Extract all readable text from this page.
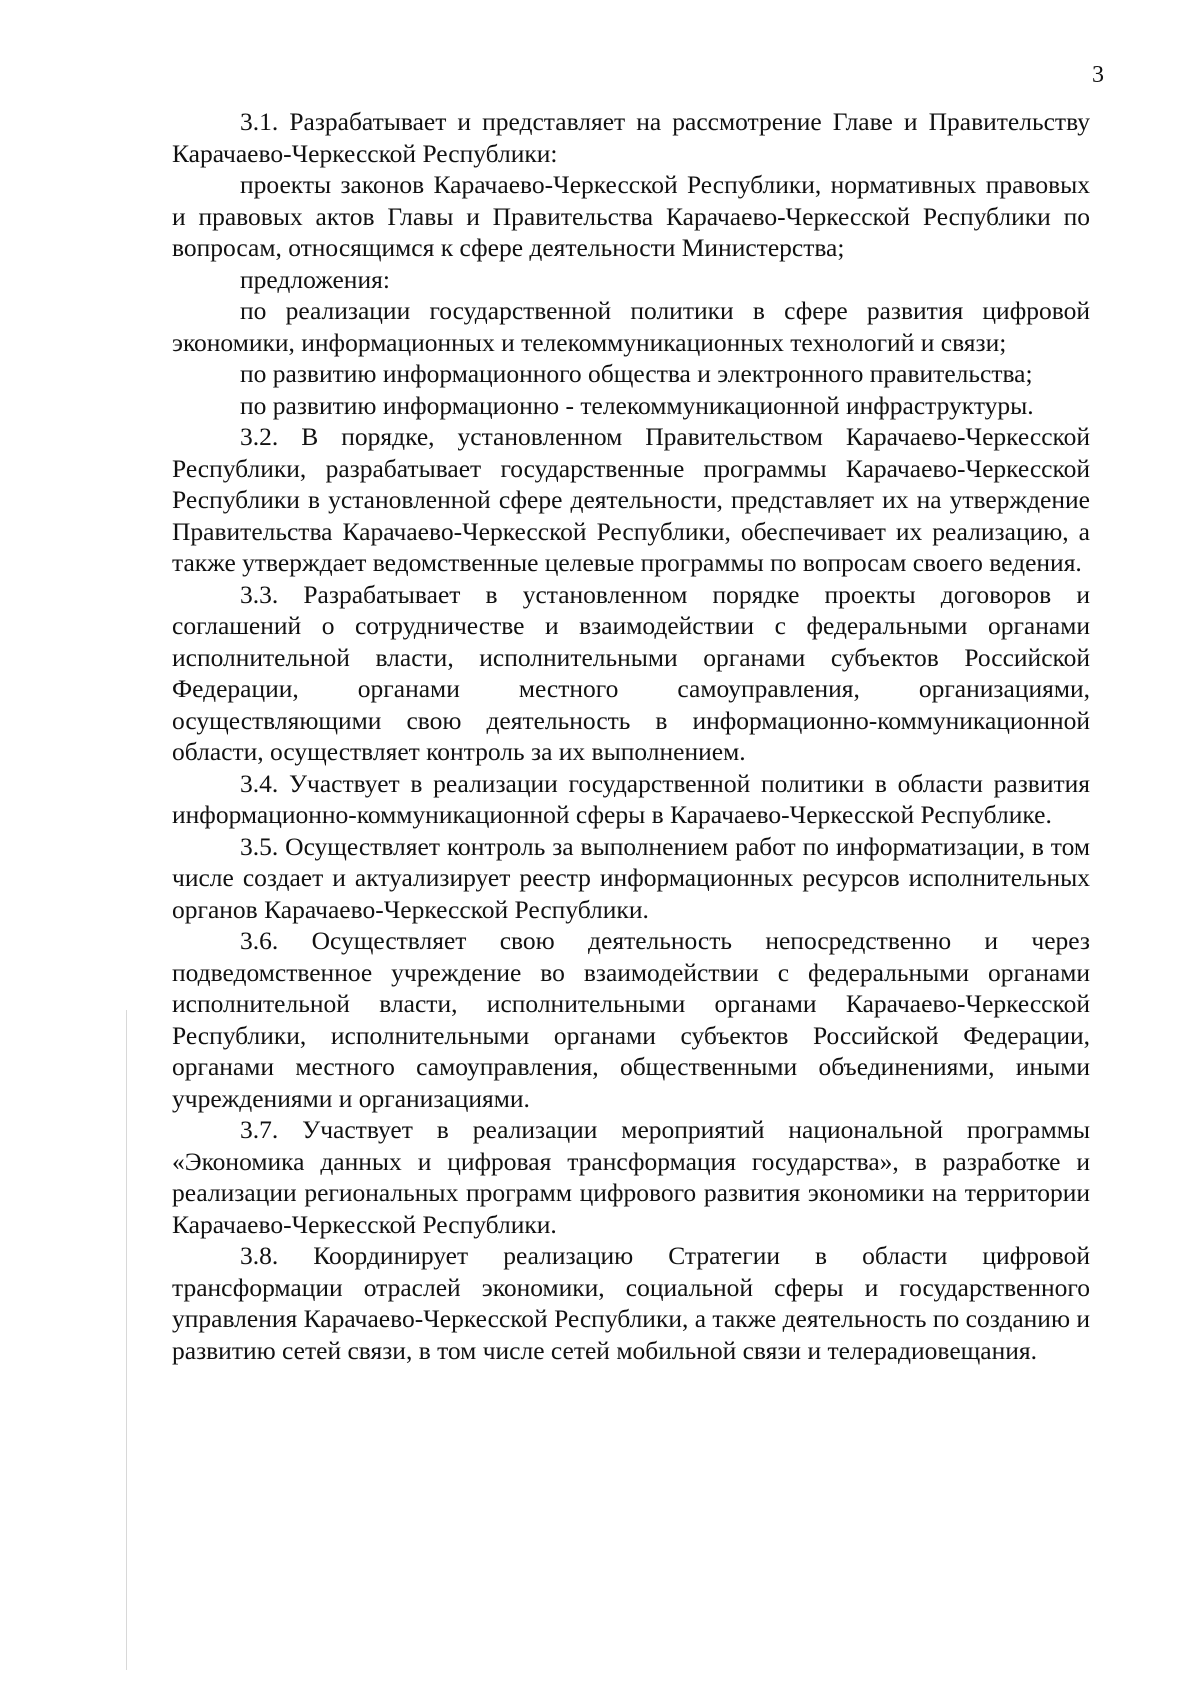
3

3.1. Разрабатывает и представляет на рассмотрение Главе и Правительству Карачаево-Черкесской Республики:

проекты законов Карачаево-Черкесской Республики, нормативных правовых и правовых актов Главы и Правительства Карачаево-Черкесской Республики по вопросам, относящимся к сфере деятельности Министерства;

предложения:

по реализации государственной политики в сфере развития цифровой экономики, информационных и телекоммуникационных технологий и связи;

по развитию информационного общества и электронного правительства;

по развитию информационно - телекоммуникационной инфраструктуры.

3.2. В порядке, установленном Правительством Карачаево-Черкесской Республики, разрабатывает государственные программы Карачаево-Черкесской Республики в установленной сфере деятельности, представляет их на утверждение Правительства Карачаево-Черкесской Республики, обеспечивает их реализацию, а также утверждает ведомственные целевые программы по вопросам своего ведения.

3.3. Разрабатывает в установленном порядке проекты договоров и соглашений о сотрудничестве и взаимодействии с федеральными органами исполнительной власти, исполнительными органами субъектов Российской Федерации, органами местного самоуправления, организациями, осуществляющими свою деятельность в информационно-коммуникационной области, осуществляет контроль за их выполнением.

3.4. Участвует в реализации государственной политики в области развития информационно-коммуникационной сферы в Карачаево-Черкесской Республике.

3.5. Осуществляет контроль за выполнением работ по информатизации, в том числе создает и актуализирует реестр информационных ресурсов исполнительных органов Карачаево-Черкесской Республики.

3.6. Осуществляет свою деятельность непосредственно и через подведомственное учреждение во взаимодействии с федеральными органами исполнительной власти, исполнительными органами Карачаево-Черкесской Республики, исполнительными органами субъектов Российской Федерации, органами местного самоуправления, общественными объединениями, иными учреждениями и организациями.

3.7. Участвует в реализации мероприятий национальной программы «Экономика данных и цифровая трансформация государства», в разработке и реализации региональных программ цифрового развития экономики на территории Карачаево-Черкесской Республики.

3.8. Координирует реализацию Стратегии в области цифровой трансформации отраслей экономики, социальной сферы и государственного управления Карачаево-Черкесской Республики, а также деятельность по созданию и развитию сетей связи, в том числе сетей мобильной связи и телерадиовещания.
